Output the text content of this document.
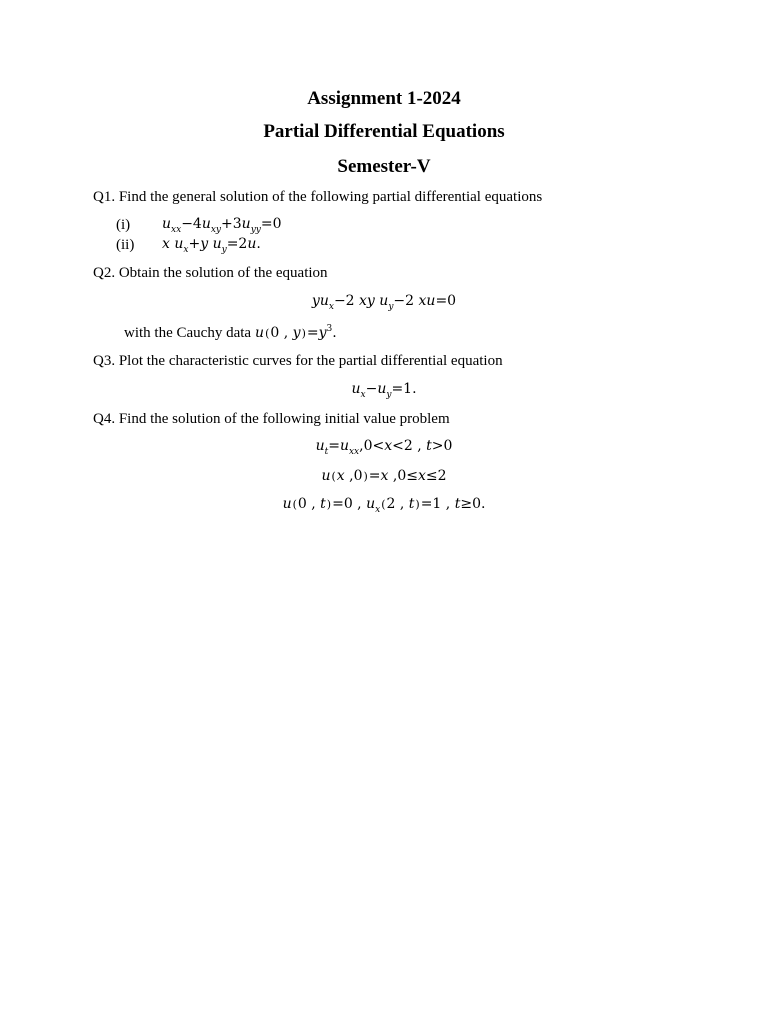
Assignment 1-2024
Partial Differential Equations
Semester-V
Q1. Find the general solution of the following partial differential equations
(i) $u_{xx}-4u_{xy}+3u_{yy}=0$
(ii) x $u_x+y$ $u_y=2u$.
Q2. Obtain the solution of the equation
$yu_x-2$ xy $u_y-2$ xu=0
with the Cauchy data u(0 , $y)=y^3$.
Q3. Plot the characteristic curves for the partial differential equation
$u_x-u_y=1$.
Q4. Find the solution of the following initial value problem
$u_t=u_{xx},0<x<2$ , t>0
u(x ,0)=x ,0≤x≤2
u(0 , t)=0 , $u_x(2$ , t)=1 , t≥0.
